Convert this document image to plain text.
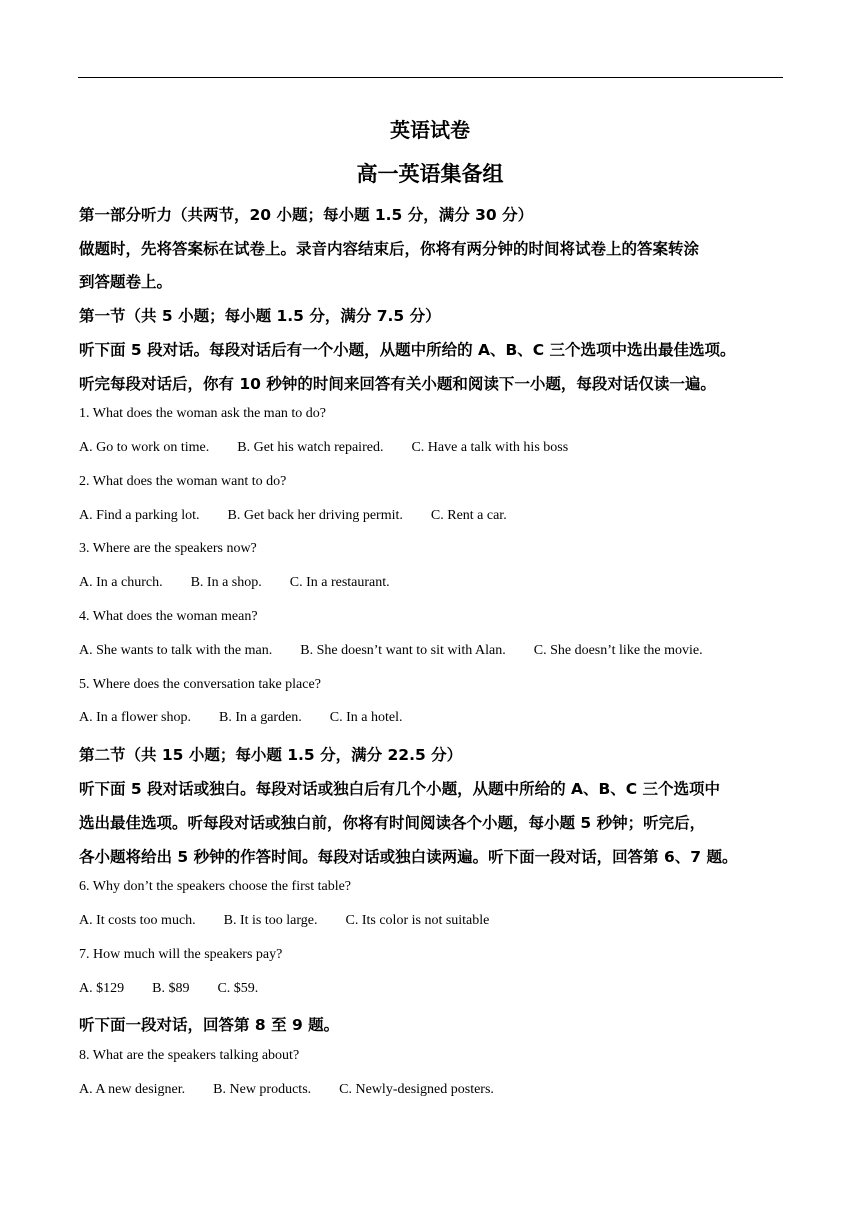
英语试卷
高一英语集备组
第一部分听力（共两节，20 小题；每小题 1.5 分，满分 30 分）
做题时，先将答案标在试卷上。录音内容结束后，你将有两分钟的时间将试卷上的答案转涂
到答题卷上。
第一节（共 5 小题；每小题 1.5 分，满分 7.5 分）
听下面 5 段对话。每段对话后有一个小题，从题中所给的 A、B、C 三个选项中选出最佳选项。
听完每段对话后，你有 10 秒钟的时间来回答有关小题和阅读下一小题，每段对话仅读一遍。
1. What does the woman ask the man to do?
A. Go to work on time. B. Get his watch repaired. C. Have a talk with his boss
2. What does the woman want to do?
A. Find a parking lot. B. Get back her driving permit. C. Rent a car.
3. Where are the speakers now?
A. In a church. B. In a shop. C. In a restaurant.
4. What does the woman mean?
A. She wants to talk with the man. B. She doesn’t want to sit with Alan. C. She doesn’t like the movie.
5. Where does the conversation take place?
A. In a flower shop. B. In a garden. C. In a hotel.
第二节（共 15 小题；每小题 1.5 分，满分 22.5 分）
听下面 5 段对话或独白。每段对话或独白后有几个小题，从题中所给的 A、B、C 三个选项中
选出最佳选项。听每段对话或独白前，你将有时间阅读各个小题，每小题 5 秒钟；听完后，
各小题将给出 5 秒钟的作答时间。每段对话或独白读两遍。听下面一段对话，回答第 6、7 题。
6. Why don’t the speakers choose the first table?
A. It costs too much. B. It is too large. C. Its color is not suitable
7. How much will the speakers pay?
A. $129 B. $89 C. $59.
听下面一段对话，回答第 8 至 9 题。
8. What are the speakers talking about?
A. A new designer. B. New products. C. Newly-designed posters.
